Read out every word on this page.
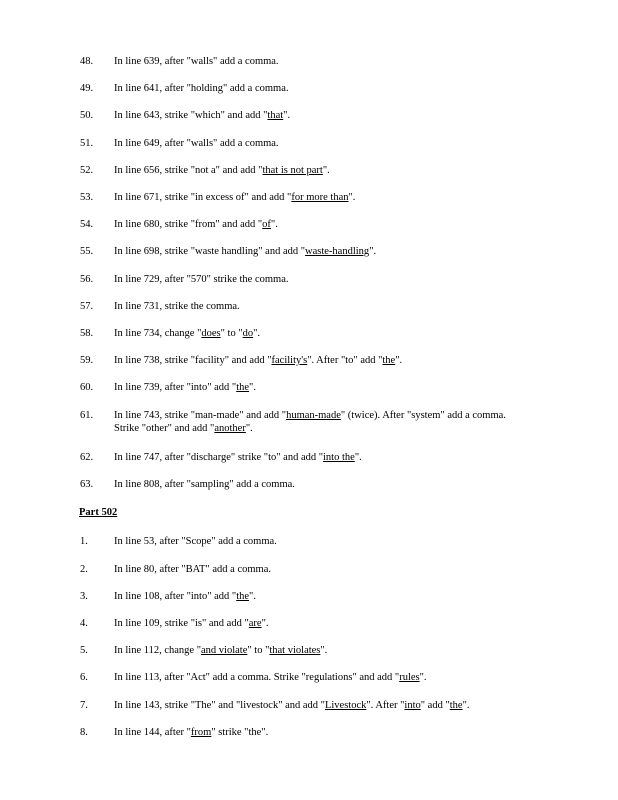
48. In line 639, after "walls" add a comma.
49. In line 641, after "holding" add a comma.
50. In line 643, strike "which" and add "that".
51. In line 649, after "walls" add a comma.
52. In line 656, strike "not a" and add "that is not part".
53. In line 671, strike "in excess of" and add "for more than".
54. In line 680, strike "from" and add "of".
55. In line 698, strike "waste handling" and add "waste-handling".
56. In line 729, after "570" strike the comma.
57. In line 731, strike the comma.
58. In line 734, change "does" to "do".
59. In line 738, strike "facility" and add "facility's". After "to" add "the".
60. In line 739, after "into" add "the".
61. In line 743, strike "man-made" and add "human-made" (twice). After "system" add a comma.
Strike "other" and add "another".
62. In line 747, after "discharge" strike "to" and add "into the".
63. In line 808, after "sampling" add a comma.
Part 502
1. In line 53, after "Scope" add a comma.
2. In line 80, after "BAT" add a comma.
3. In line 108, after "into" add "the".
4. In line 109, strike "is" and add "are".
5. In line 112, change "and violate" to "that violates".
6. In line 113, after "Act" add a comma. Strike "regulations" and add "rules".
7. In line 143, strike "The" and "livestock" and add "Livestock". After "into" add "the".
8. In line 144, after "from" strike "the".
